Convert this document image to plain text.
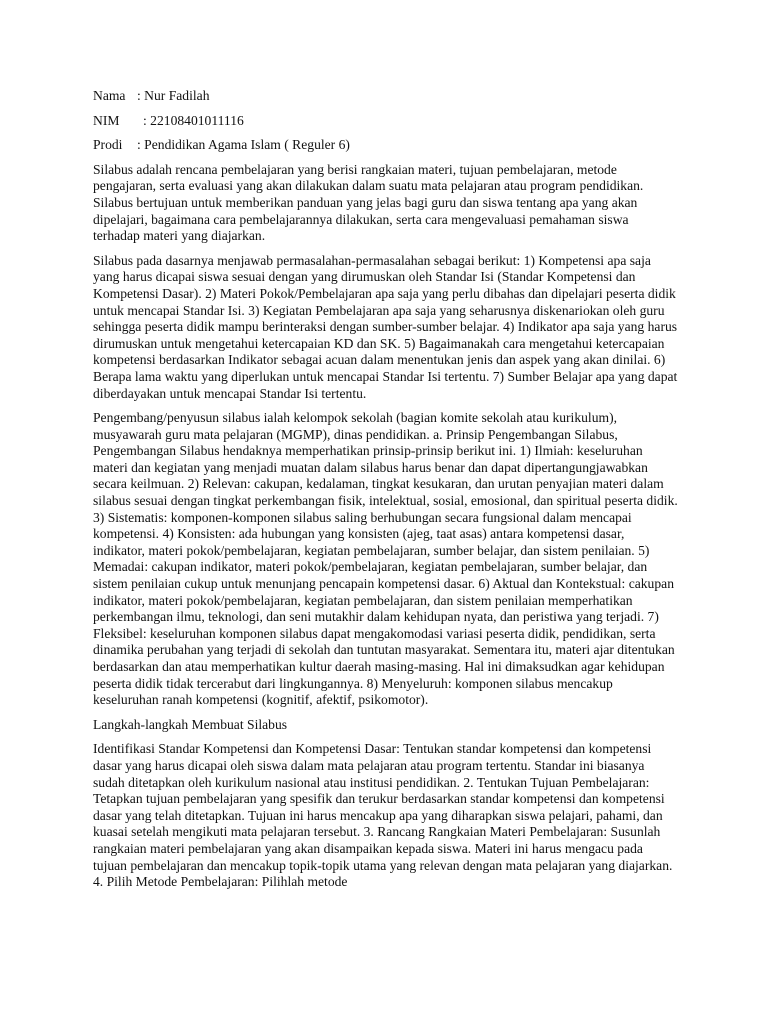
Nama : Nur Fadilah
NIM : 22108401011116
Prodi : Pendidikan Agama Islam ( Reguler 6)

Silabus adalah rencana pembelajaran yang berisi rangkaian materi, tujuan pembelajaran, metode pengajaran, serta evaluasi yang akan dilakukan dalam suatu mata pelajaran atau program pendidikan. Silabus bertujuan untuk memberikan panduan yang jelas bagi guru dan siswa tentang apa yang akan dipelajari, bagaimana cara pembelajarannya dilakukan, serta cara mengevaluasi pemahaman siswa terhadap materi yang diajarkan.

Silabus pada dasarnya menjawab permasalahan-permasalahan sebagai berikut: 1) Kompetensi apa saja yang harus dicapai siswa sesuai dengan yang dirumuskan oleh Standar Isi (Standar Kompetensi dan Kompetensi Dasar). 2) Materi Pokok/Pembelajaran apa saja yang perlu dibahas dan dipelajari peserta didik untuk mencapai Standar Isi. 3) Kegiatan Pembelajaran apa saja yang seharusnya diskenariokan oleh guru sehingga peserta didik mampu berinteraksi dengan sumber-sumber belajar. 4) Indikator apa saja yang harus dirumuskan untuk mengetahui ketercapaian KD dan SK. 5) Bagaimanakah cara mengetahui ketercapaian kompetensi berdasarkan Indikator sebagai acuan dalam menentukan jenis dan aspek yang akan dinilai. 6) Berapa lama waktu yang diperlukan untuk mencapai Standar Isi tertentu. 7) Sumber Belajar apa yang dapat diberdayakan untuk mencapai Standar Isi tertentu.

Pengembang/penyusun silabus ialah kelompok sekolah (bagian komite sekolah atau kurikulum), musyawarah guru mata pelajaran (MGMP), dinas pendidikan. a. Prinsip Pengembangan Silabus, Pengembangan Silabus hendaknya memperhatikan prinsip-prinsip berikut ini. 1) Ilmiah: keseluruhan materi dan kegiatan yang menjadi muatan dalam silabus harus benar dan dapat dipertangungjawabkan secara keilmuan. 2) Relevan: cakupan, kedalaman, tingkat kesukaran, dan urutan penyajian materi dalam silabus sesuai dengan tingkat perkembangan fisik, intelektual, sosial, emosional, dan spiritual peserta didik. 3) Sistematis: komponen-komponen silabus saling berhubungan secara fungsional dalam mencapai kompetensi. 4) Konsisten: ada hubungan yang konsisten (ajeg, taat asas) antara kompetensi dasar, indikator, materi pokok/pembelajaran, kegiatan pembelajaran, sumber belajar, dan sistem penilaian. 5) Memadai: cakupan indikator, materi pokok/pembelajaran, kegiatan pembelajaran, sumber belajar, dan sistem penilaian cukup untuk menunjang pencapain kompetensi dasar. 6) Aktual dan Kontekstual: cakupan indikator, materi pokok/pembelajaran, kegiatan pembelajaran, dan sistem penilaian memperhatikan perkembangan ilmu, teknologi, dan seni mutakhir dalam kehidupan nyata, dan peristiwa yang terjadi. 7) Fleksibel: keseluruhan komponen silabus dapat mengakomodasi variasi peserta didik, pendidikan, serta dinamika perubahan yang terjadi di sekolah dan tuntutan masyarakat. Sementara itu, materi ajar ditentukan berdasarkan dan atau memperhatikan kultur daerah masing-masing. Hal ini dimaksudkan agar kehidupan peserta didik tidak tercerabut dari lingkungannya. 8) Menyeluruh: komponen silabus mencakup keseluruhan ranah kompetensi (kognitif, afektif, psikomotor).

Langkah-langkah Membuat Silabus

Identifikasi Standar Kompetensi dan Kompetensi Dasar: Tentukan standar kompetensi dan kompetensi dasar yang harus dicapai oleh siswa dalam mata pelajaran atau program tertentu. Standar ini biasanya sudah ditetapkan oleh kurikulum nasional atau institusi pendidikan. 2. Tentukan Tujuan Pembelajaran: Tetapkan tujuan pembelajaran yang spesifik dan terukur berdasarkan standar kompetensi dan kompetensi dasar yang telah ditetapkan. Tujuan ini harus mencakup apa yang diharapkan siswa pelajari, pahami, dan kuasai setelah mengikuti mata pelajaran tersebut. 3. Rancang Rangkaian Materi Pembelajaran: Susunlah rangkaian materi pembelajaran yang akan disampaikan kepada siswa. Materi ini harus mengacu pada tujuan pembelajaran dan mencakup topik-topik utama yang relevan dengan mata pelajaran yang diajarkan. 4. Pilih Metode Pembelajaran: Pilihlah metode
